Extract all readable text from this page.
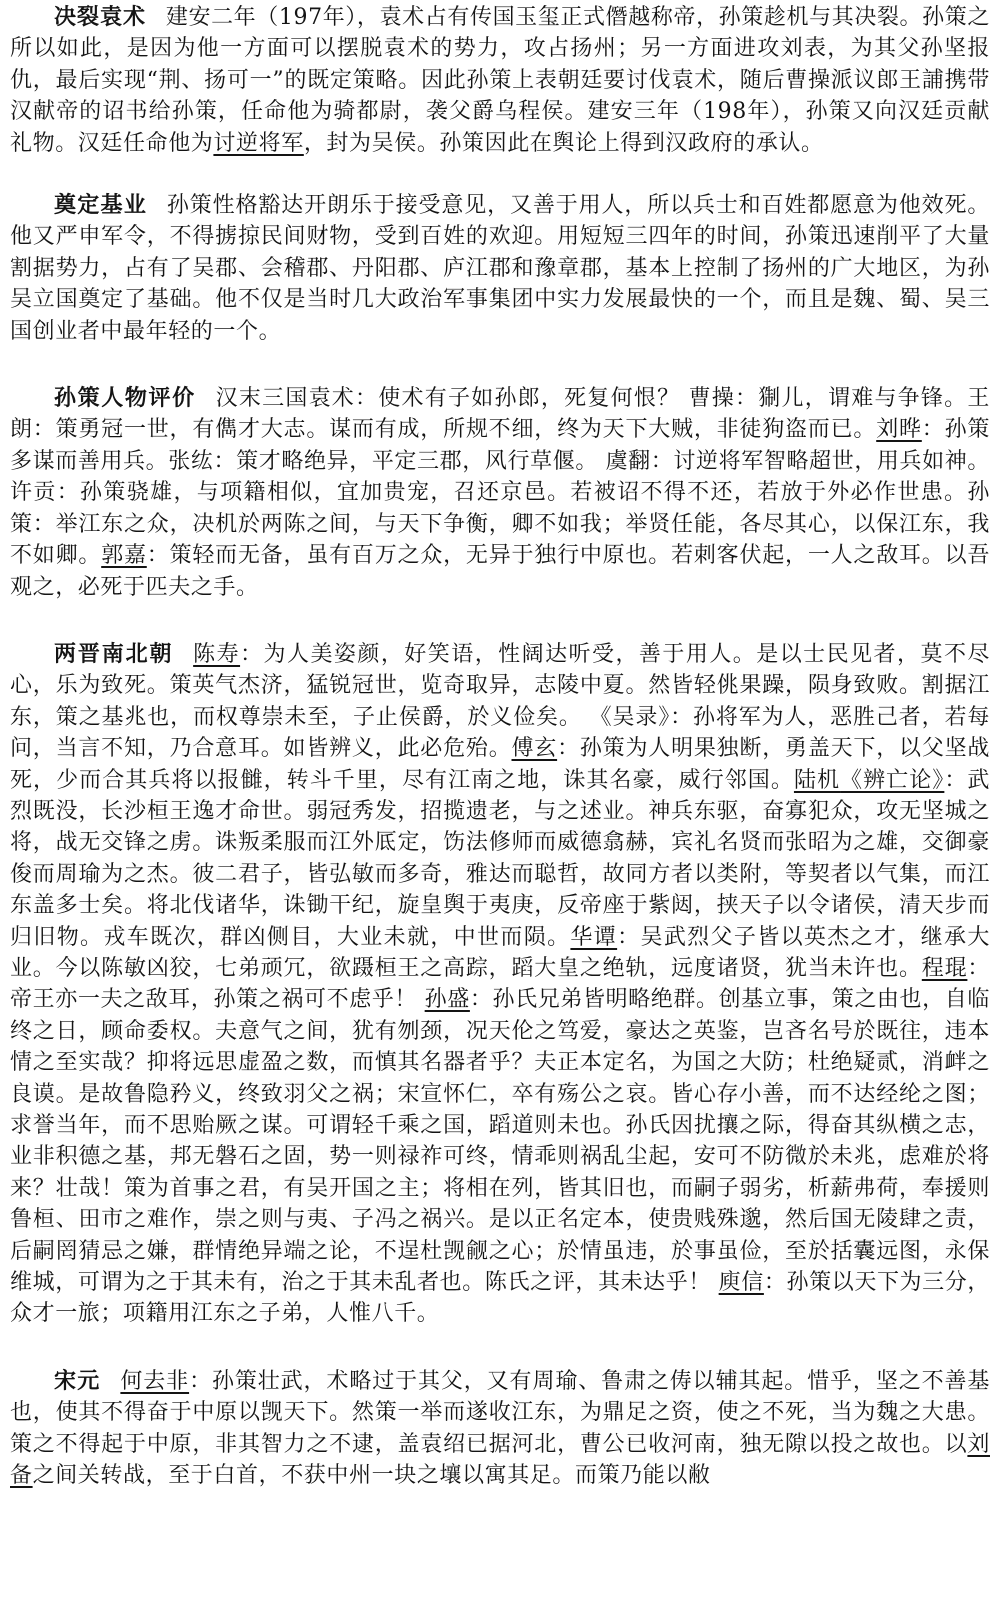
决裂袁术 建安二年（197年），袁术占有传国玉玺正式僭越称帝，孙策趁机与其决裂。孙策之所以如此，是因为他一方面可以摆脱袁术的势力，攻占扬州；另一方面进攻刘表，为其父孙坚报仇，最后实现“荆、扬可一”的既定策略。因此孙策上表朝廷要讨伐袁术，随后曹操派议郎王誧携带汉献帝的诏书给孙策，任命他为骑都尉，袭父爵乌程侯。建安三年（198年），孙策又向汉廷贡献礼物。汉廷任命他为讨逆将军，封为吴侯。孙策因此在舆论上得到汉政府的承认。

奠定基业 孙策性格豁达开朗乐于接受意见，又善于用人，所以兵士和百姓都愿意为他效死。他又严申军令，不得掳掠民间财物，受到百姓的欢迎。用短短三四年的时间，孙策迅速削平了大量割据势力，占有了吴郡、会稽郡、丹阳郡、庐江郡和豫章郡，基本上控制了扬州的广大地区，为孙吴立国奠定了基础。他不仅是当时几大政治军事集团中实力发展最快的一个，而且是魏、蜀、吴三国创业者中最年轻的一个。

孙策人物评价 汉末三国袁术：使术有子如孙郎，死复何恨？ 曹操：猘儿，谓难与争锋。王朗：策勇冠一世，有儁才大志。谋而有成，所规不细，终为天下大贼，非徒狗盗而已。刘晔：孙策多谋而善用兵。张纮：策才略绝异，平定三郡，风行草偃。 虞翻：讨逆将军智略超世，用兵如神。 许贡：孙策骁雄，与项籍相似，宜加贵宠，召还京邑。若被诏不得不还，若放于外必作世患。孙策：举江东之众，决机於两陈之间，与天下争衡，卿不如我；举贤任能，各尽其心，以保江东，我不如卿。郭嘉：策轻而无备，虽有百万之众，无异于独行中原也。若刺客伏起，一人之敌耳。以吾观之，必死于匹夫之手。

两晋南北朝 陈寿：为人美姿颜，好笑语，性阔达听受，善于用人。是以士民见者，莫不尽心，乐为致死。策英气杰济，猛锐冠世，览奇取异，志陵中夏。然皆轻佻果躁，陨身致败。割据江东，策之基兆也，而权尊崇未至，子止侯爵，於义俭矣。 《吴录》：孙将军为人，恶胜己者，若每问，当言不知，乃合意耳。如皆辨义，此必危殆。傅玄：孙策为人明果独断，勇盖天下，以父坚战死，少而合其兵将以报雠，转斗千里，尽有江南之地，诛其名豪，威行邻国。陆机《辨亡论》：武烈既没，长沙桓王逸才命世。弱冠秀发，招揽遗老，与之述业。神兵东驱，奋寡犯众，攻无坚城之将，战无交锋之虏。诛叛柔服而江外厎定，饬法修师而威德翕赫，宾礼名贤而张昭为之雄，交御豪俊而周瑜为之杰。彼二君子，皆弘敏而多奇，雅达而聪哲，故同方者以类附，等契者以气集，而江东盖多士矣。将北伐诸华，诛锄干纪，旋皇舆于夷庚，反帝座于紫闼，挟天子以令诸侯，清天步而归旧物。戎车既次，群凶侧目，大业未就，中世而陨。华谭：吴武烈父子皆以英杰之才，继承大业。今以陈敏凶狡，七弟顽冗，欲蹑桓王之高踪，蹈大皇之绝轨，远度诸贤，犹当未许也。程琨：帝王亦一夫之敌耳，孙策之祸可不虑乎！ 孙盛：孙氏兄弟皆明略绝群。创基立事，策之由也，自临终之日，顾命委权。夫意气之间，犹有刎颈，况天伦之笃爱，豪达之英鉴，岂吝名号於既往，违本情之至实哉？抑将远思虚盈之数，而慎其名器者乎？夫正本定名，为国之大防；杜绝疑贰，消衅之良谟。是故鲁隐矜义，终致羽父之祸；宋宣怀仁，卒有殇公之哀。皆心存小善，而不达经纶之图；求誉当年，而不思贻厥之谋。可谓轻千乘之国，蹈道则未也。孙氏因扰攘之际，得奋其纵横之志，业非积德之基，邦无磐石之固，势一则禄祚可终，情乖则祸乱尘起，安可不防微於未兆，虑难於将来？壮哉！策为首事之君，有吴开国之主；将相在列，皆其旧也，而嗣子弱劣，析薪弗荷，奉援则鲁桓、田市之难作，崇之则与夷、子冯之祸兴。是以正名定本，使贵贱殊邈，然后国无陵肆之责，后嗣罔猜忌之嫌，群情绝异端之论，不逞杜觊觎之心；於情虽违，於事虽俭，至於括囊远图，永保维城，可谓为之于其未有，治之于其未乱者也。陈氏之评，其未达乎！ 庾信：孙策以天下为三分，众才一旅；项籍用江东之子弟，人惟八千。

宋元 何去非：孙策壮武，术略过于其父，又有周瑜、鲁肃之俦以辅其起。惜乎，坚之不善基也，使其不得奋于中原以觊天下。然策一举而遂收江东，为鼎足之资，使之不死，当为魏之大患。策之不得起于中原，非其智力之不逮，盖袁绍已据河北，曹公已收河南，独无隙以投之故也。以刘备之间关转战，至于白首，不获中州一块之壤以寓其足。而策乃能以敝
